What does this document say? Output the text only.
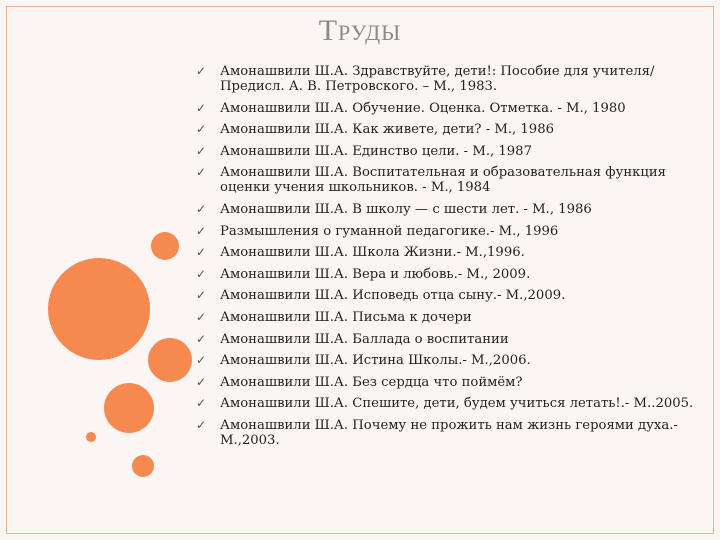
ТРУДЫ
✓ Амонашвили Ш.А. Здравствуйте, дети!: Пособие для учителя/ Предисл. А. В. Петровского. – М., 1983.
✓ Амонашвили Ш.А. Обучение. Оценка. Отметка. - М., 1980
✓ Амонашвили Ш.А. Как живете, дети? - М., 1986
✓ Амонашвили Ш.А. Единство цели. - М., 1987
✓ Амонашвили Ш.А. Воспитательная и образовательная функция оценки учения школьников. - М., 1984
✓ Амонашвили Ш.А. В школу — с шести лет. - М., 1986
✓ Размышления о гуманной педагогике.- М., 1996
✓ Амонашвили Ш.А. Школа Жизни.- М.,1996.
✓ Амонашвили Ш.А. Вера и любовь.- М., 2009.
✓ Амонашвили Ш.А. Исповедь отца сыну.- М.,2009.
✓ Амонашвили Ш.А. Письма к дочери
✓ Амонашвили Ш.А. Баллада о воспитании
✓ Амонашвили Ш.А. Истина Школы.- М.,2006.
✓ Амонашвили Ш.А. Без сердца что поймём?
✓ Амонашвили Ш.А. Спешите, дети, будем учиться летать!.- М..2005.
✓ Амонашвили Ш.А. Почему не прожить нам жизнь героями духа.- М.,2003.
